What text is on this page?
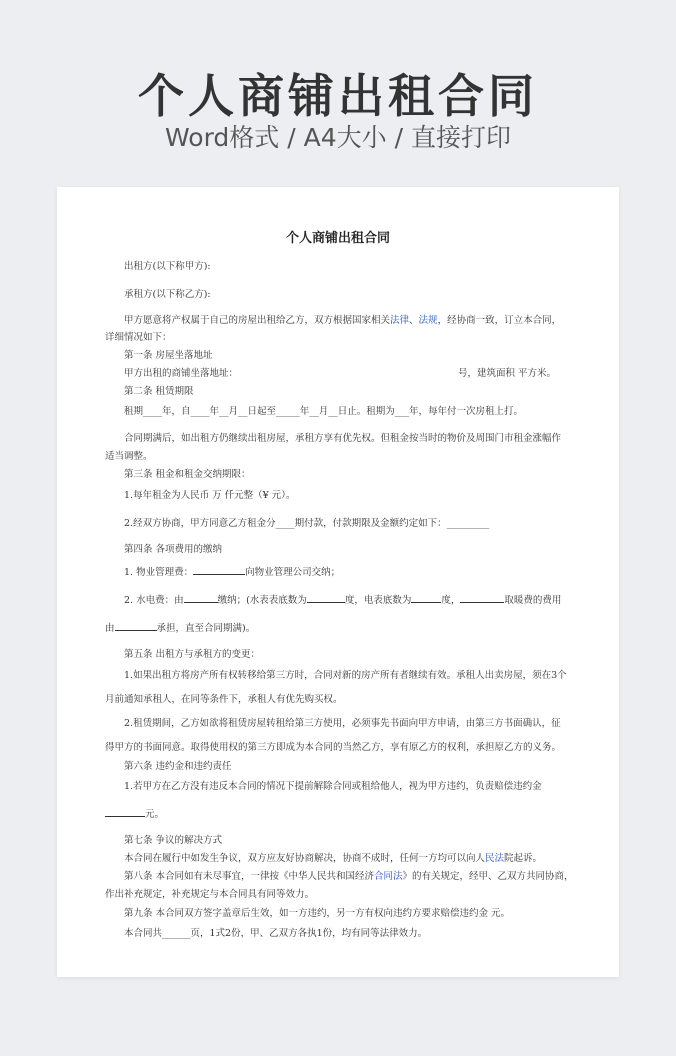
个人商铺出租合同
Word格式 / A4大小 / 直接打印
个人商铺出租合同
出租方(以下称甲方):
承租方(以下称乙方):
甲方愿意将产权属于自己的房屋出租给乙方，双方根据国家相关法律、法规，经协商一致，订立本合同，
详细情况如下：
第一条 房屋坐落地址
甲方出租的商铺坐落地址：	号，建筑面积 平方米。
第二条 租赁期限
租期____年，自____年__月__日起至_____年__月__日止。租期为___年，每年付一次房租上打。
合同期满后，如出租方仍继续出租房屋，承租方享有优先权。但租金按当时的物价及周围门市租金涨幅作
适当调整。
第三条 租金和租金交纳期限：
1.每年租金为人民币 万 仟元整（¥ 元）。
2.经双方协商，甲方同意乙方租金分____期付款，付款期限及金额约定如下：_________
第四条 各项费用的缴纳
1. 物业管理费：	向物业管理公司交纳；
2. 水电费：由	缴纳；(水表表底数为	度，电表底数为	度，	取暖费的费用
由	承担，直至合同期满)。
第五条 出租方与承租方的变更：
1.如果出租方将房产所有权转移给第三方时，合同对新的房产所有者继续有效。承租人出卖房屋，须在3个
月前通知承租人，在同等条件下，承租人有优先购买权。
2.租赁期间，乙方如欲将租赁房屋转租给第三方使用，必须事先书面向甲方申请，由第三方书面确认，征
得甲方的书面同意。取得使用权的第三方即成为本合同的当然乙方，享有原乙方的权利，承担原乙方的义务。
第六条 违约金和违约责任
1.若甲方在乙方没有违反本合同的情况下提前解除合同或租给他人，视为甲方违约，负责赔偿违约金
元。
第七条 争议的解决方式
本合同在履行中如发生争议，双方应友好协商解决，协商不成时，任何一方均可以向人民法院起诉。
第八条 本合同如有未尽事宜，一律按《中华人民共和国经济合同法》的有关规定，经甲、乙双方共同协商，
作出补充规定，补充规定与本合同具有同等效力。
第九条 本合同双方签字盖章后生效，如一方违约，另一方有权向违约方要求赔偿违约金 元。
本合同共______页，1式2份，甲、乙双方各执1份，均有同等法律效力。
